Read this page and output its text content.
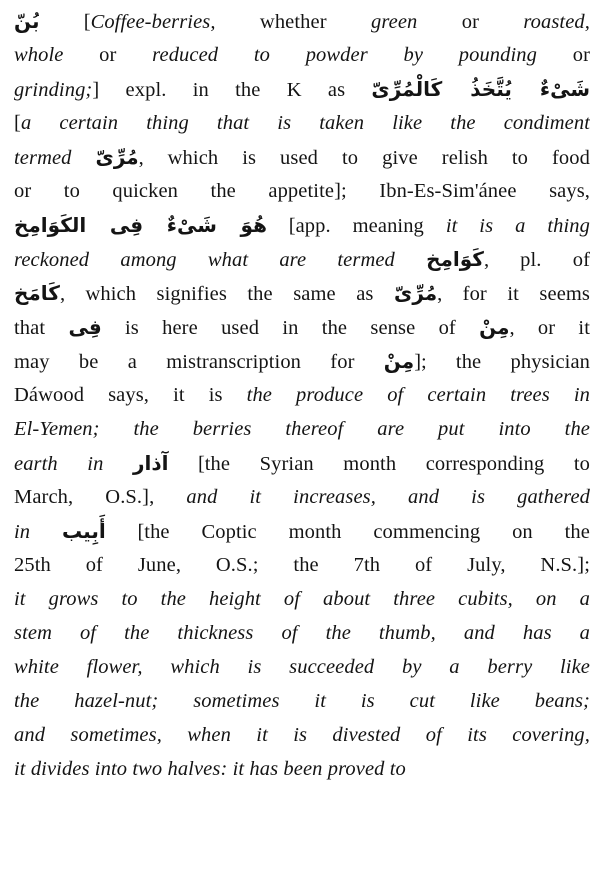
بُنّ [Coffee-berries, whether green or roasted,
whole or reduced to powder by pounding or
grinding;] expl. in the K as شَىْءٌ يُتَّخَذُ كَالْمُرِّىّ
[a certain thing that is taken like the condiment
termed مُرِّىّ, which is used to give relish to food
or to quicken the appetite]; Ibn-Es-Sim'ánee says,
هُوَ شَىْءٌ فِى الكَوَامِخ [app. meaning it is a thing
reckoned among what are termed كَوَامِخ, pl. of
كَامَخ, which signifies the same as مُرِّىّ, for it seems
that فِى is here used in the sense of مِنْ, or it
may be a mistranscription for مِنْ]; the physician
Dáwood says, it is the produce of certain trees in
El-Yemen; the berries thereof are put into the
earth in آذار [the Syrian month corresponding to
March, O.S.], and it increases, and is gathered
in أَبِيب [the Coptic month commencing on the
25th of June, O.S.; the 7th of July, N.S.];
it grows to the height of about three cubits, on a
stem of the thickness of the thumb, and has a
white flower, which is succeeded by a berry like
the hazel-nut; sometimes it is cut like beans;
and sometimes, when it is divested of its covering,
it divides into two halves: it has been proved to
